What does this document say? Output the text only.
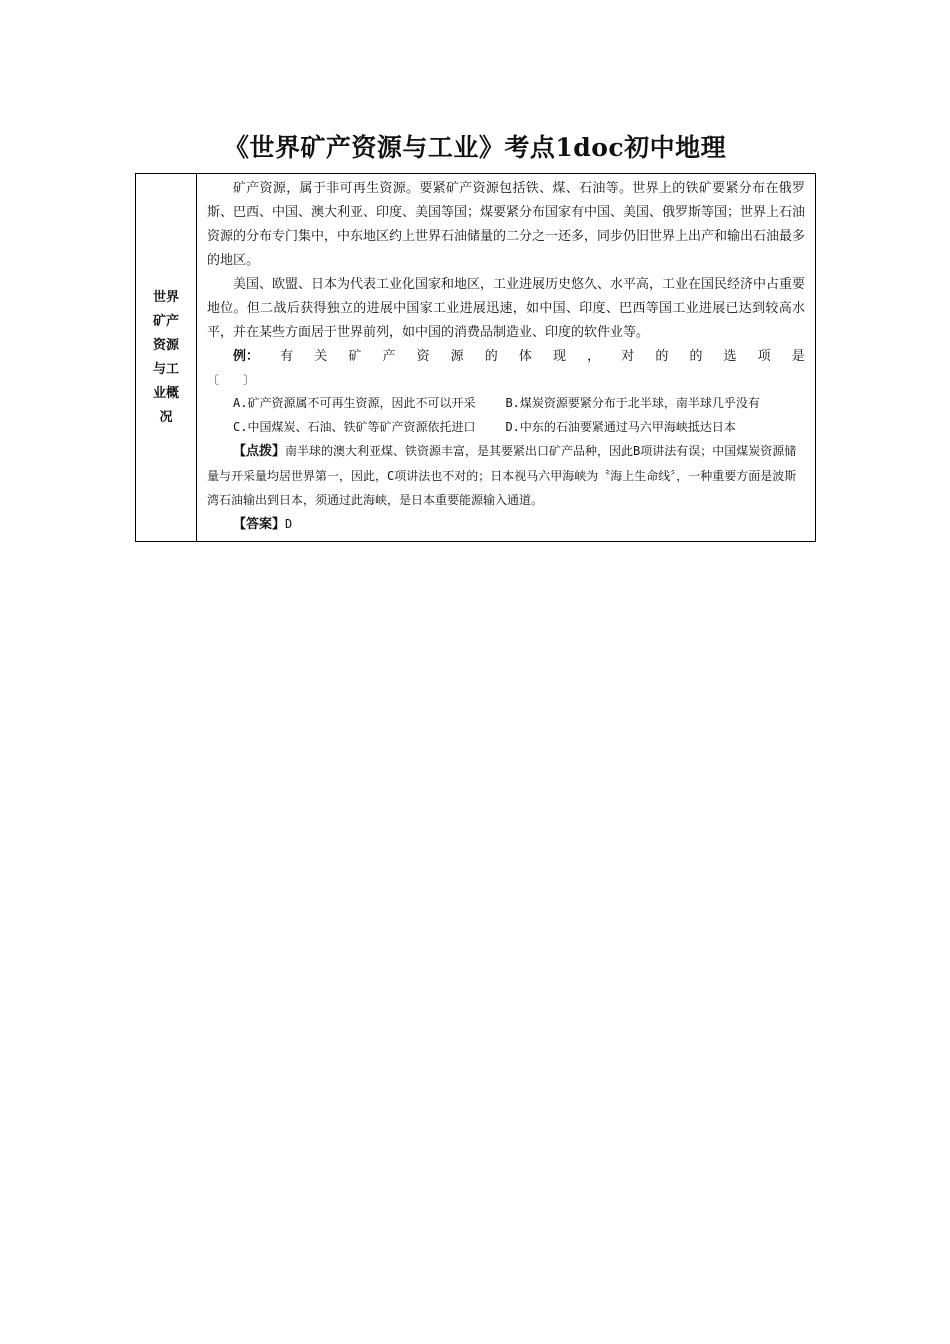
《世界矿产资源与工业》考点1doc初中地理
世界矿产资源与工业概况	

矿产资源，属于非可再生资源。要紧矿产资源包括铁、煤、石油等。世界上的铁矿要紧分布在俄罗斯、巴西、中国、澳大利亚、印度、美国等国；煤要紧分布国家有中国、美国、俄罗斯等国；世界上石油资源的分布专门集中，中东地区约上世界石油储量的二分之一还多，同步仍旧世界上出产和输出石油最多的地区。

美国、欧盟、日本为代表工业化国家和地区，工业进展历史悠久、水平高，工业在国民经济中占重要地位。但二战后获得独立的进展中国家工业进展迅速，如中国、印度、巴西等国工业进展已达到较高水平，并在某些方面居于世界前列，如中国的消费品制造业、印度的软件业等。

例： 有 关 矿 产 资 源 的 体 现 ， 对 的 的 选 项 是

〔　　〕

A.矿产资源属不可再生资源，因此不可以开采	B.煤炭资源要紧分布于北半球，南半球几乎没有

C.中国煤炭、石油、铁矿等矿产资源依托进口	D.中东的石油要紧通过马六甲海峡抵达日本

【点拨】南半球的澳大利亚煤、铁资源丰富，是其要紧出口矿产品种，因此B项讲法有误；中国煤炭资源储量与开采量均居世界第一，因此，C项讲法也不对的；日本视马六甲海峡为〝海上生命线〞，一种重要方面是波斯湾石油输出到日本，须通过此海峡，是日本重要能源输入通道。

【答案】D
